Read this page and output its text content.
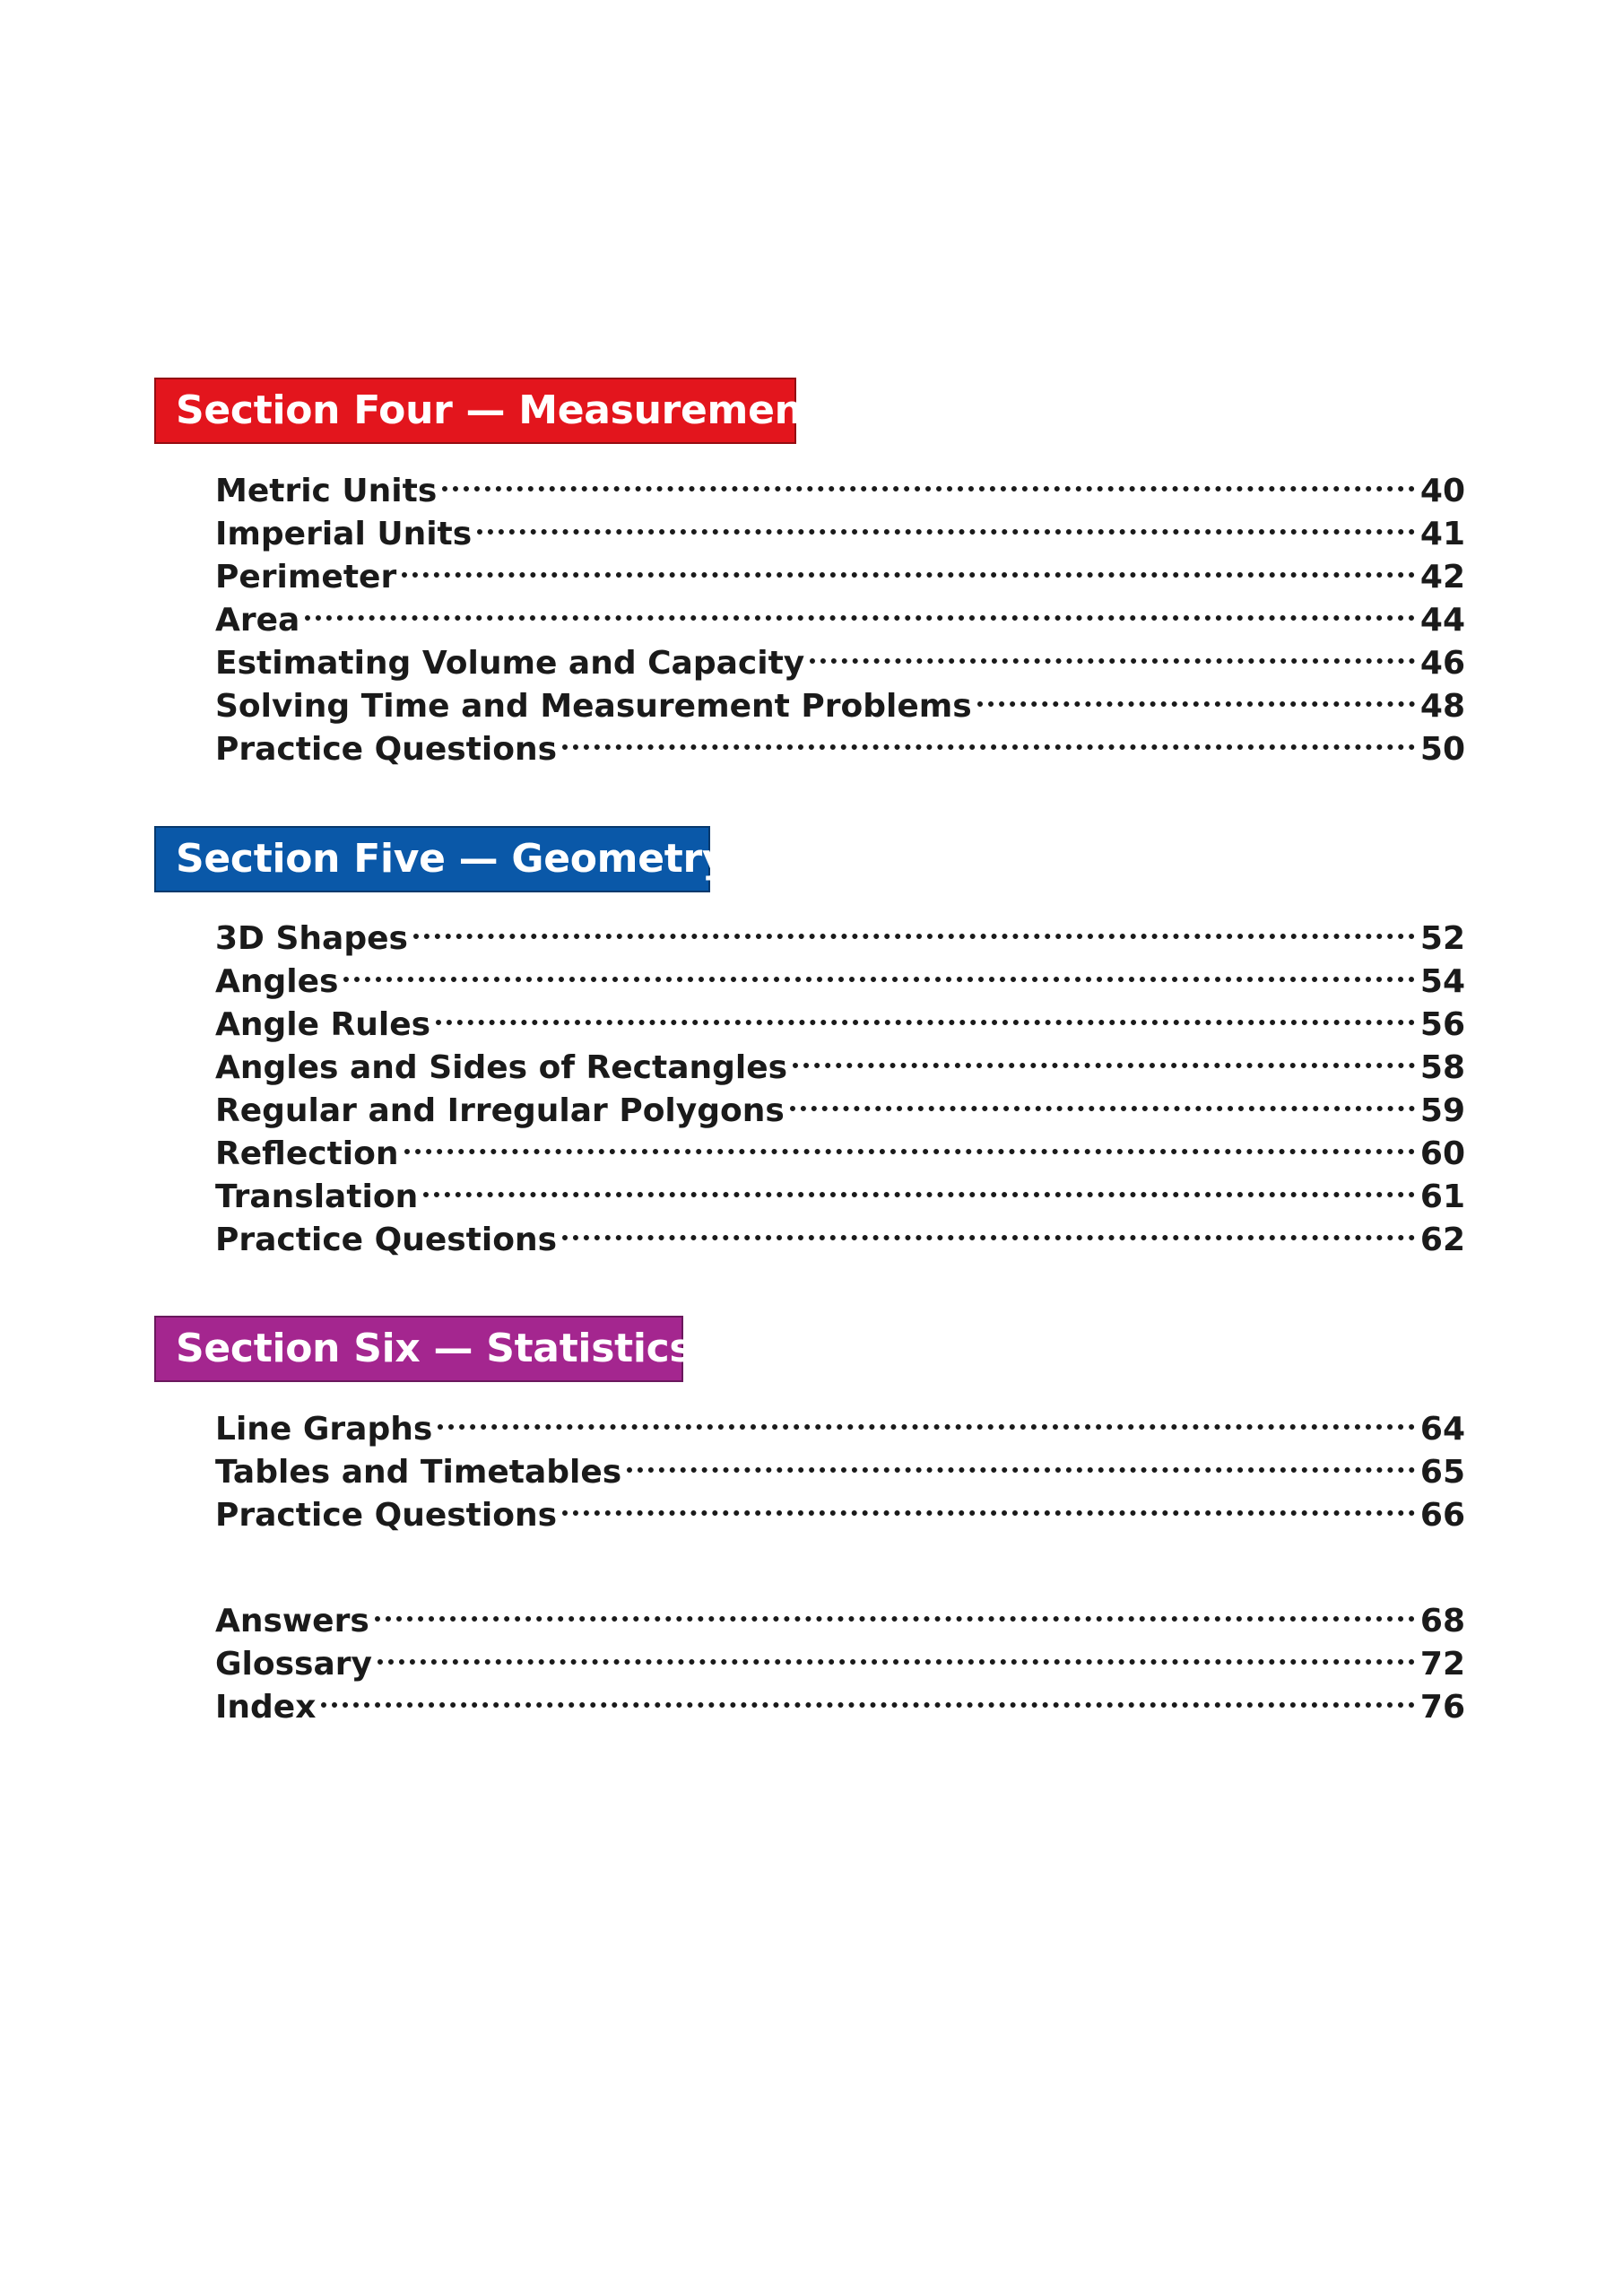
Section Four — Measurement
Metric Units	40
Imperial Units	41
Perimeter	42
Area	44
Estimating Volume and Capacity	46
Solving Time and Measurement Problems	48
Practice Questions	50
Section Five — Geometry
3D Shapes	52
Angles	54
Angle Rules	56
Angles and Sides of Rectangles	58
Regular and Irregular Polygons	59
Reflection	60
Translation	61
Practice Questions	62
Section Six — Statistics
Line Graphs	64
Tables and Timetables	65
Practice Questions	66
Answers	68
Glossary	72
Index	76
